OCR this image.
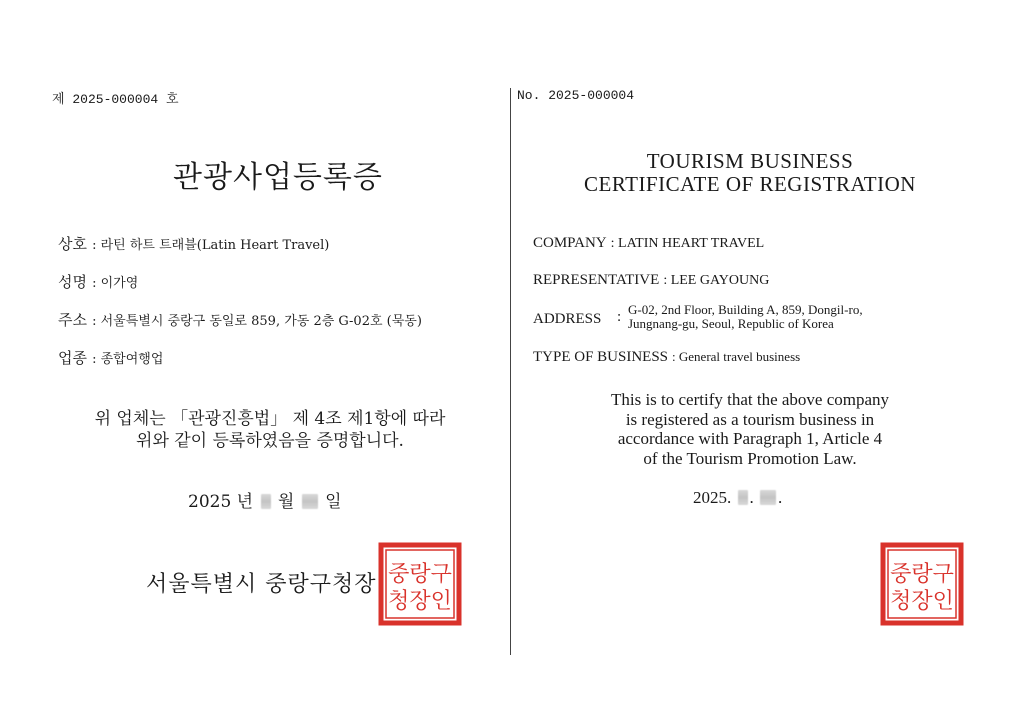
제 2025-000004 호
관광사업등록증
상호 : 라틴 하트 트래블(Latin Heart Travel)
성명 : 이가영
주소 : 서울특별시 중랑구 동일로 859, 가동 2층 G-02호 (묵동)
업종 : 종합여행업
위 업체는 「관광진흥법」 제 4조 제1항에 따라
위와 같이 등록하였음을 증명합니다.
2025 년 월 일
서울특별시 중랑구청장 중랑구
청장인
No. 2025-000004
TOURISM BUSINESS
CERTIFICATE OF REGISTRATION
COMPANY : LATIN HEART TRAVEL
REPRESENTATIVE : LEE GAYOUNG
ADDRESS : G-02, 2nd Floor, Building A, 859, Dongil-ro,
Jungnang-gu, Seoul, Republic of Korea
TYPE OF BUSINESS : General travel business
This is to certify that the above company
is registered as a tourism business in
accordance with Paragraph 1, Article 4
of the Tourism Promotion Law.
2025. . .
중랑구
청장인
